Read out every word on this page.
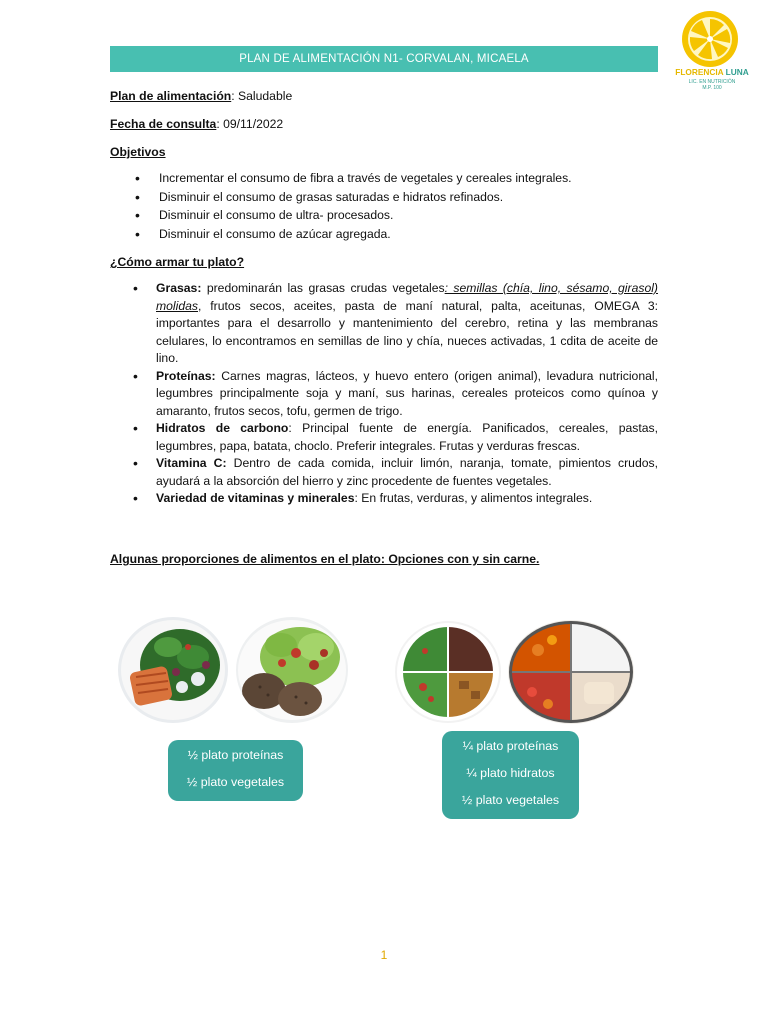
PLAN DE ALIMENTACIÓN N1- CORVALAN, MICAELA
FLORENCIA LUNA
LIC. EN NUTRICIÓN
M.P. 100
Plan de alimentación: Saludable
Fecha de consulta: 09/11/2022
Objetivos
• Incrementar el consumo de fibra a través de vegetales y cereales integrales.
• Disminuir el consumo de grasas saturadas e hidratos refinados.
• Disminuir el consumo de ultra- procesados.
• Disminuir el consumo de azúcar agregada.
¿Cómo armar tu plato?
• Grasas: predominarán las grasas crudas vegetales: semillas (chía, lino, sésamo, girasol) molidas, frutos secos, aceites, pasta de maní natural, palta, aceitunas, OMEGA 3: importantes para el desarrollo y mantenimiento del cerebro, retina y las membranas celulares, lo encontramos en semillas de lino y chía, nueces activadas, 1 cdita de aceite de lino.
• Proteínas: Carnes magras, lácteos, y huevo entero (origen animal), levadura nutricional, legumbres principalmente soja y maní, sus harinas, cereales proteicos como quínoa y amaranto, frutos secos, tofu, germen de trigo.
• Hidratos de carbono: Principal fuente de energía. Panificados, cereales, pastas, legumbres, papa, batata, choclo. Preferir integrales. Frutas y verduras frescas.
• Vitamina C: Dentro de cada comida, incluir limón, naranja, tomate, pimientos crudos, ayudará a la absorción del hierro y zinc procedente de fuentes vegetales.
• Variedad de vitaminas y minerales: En frutas, verduras, y alimentos integrales.
Algunas proporciones de alimentos en el plato: Opciones con y sin carne.
½ plato proteínas
½ plato vegetales
¼ plato proteínas
¼ plato hidratos
½ plato vegetales
1
